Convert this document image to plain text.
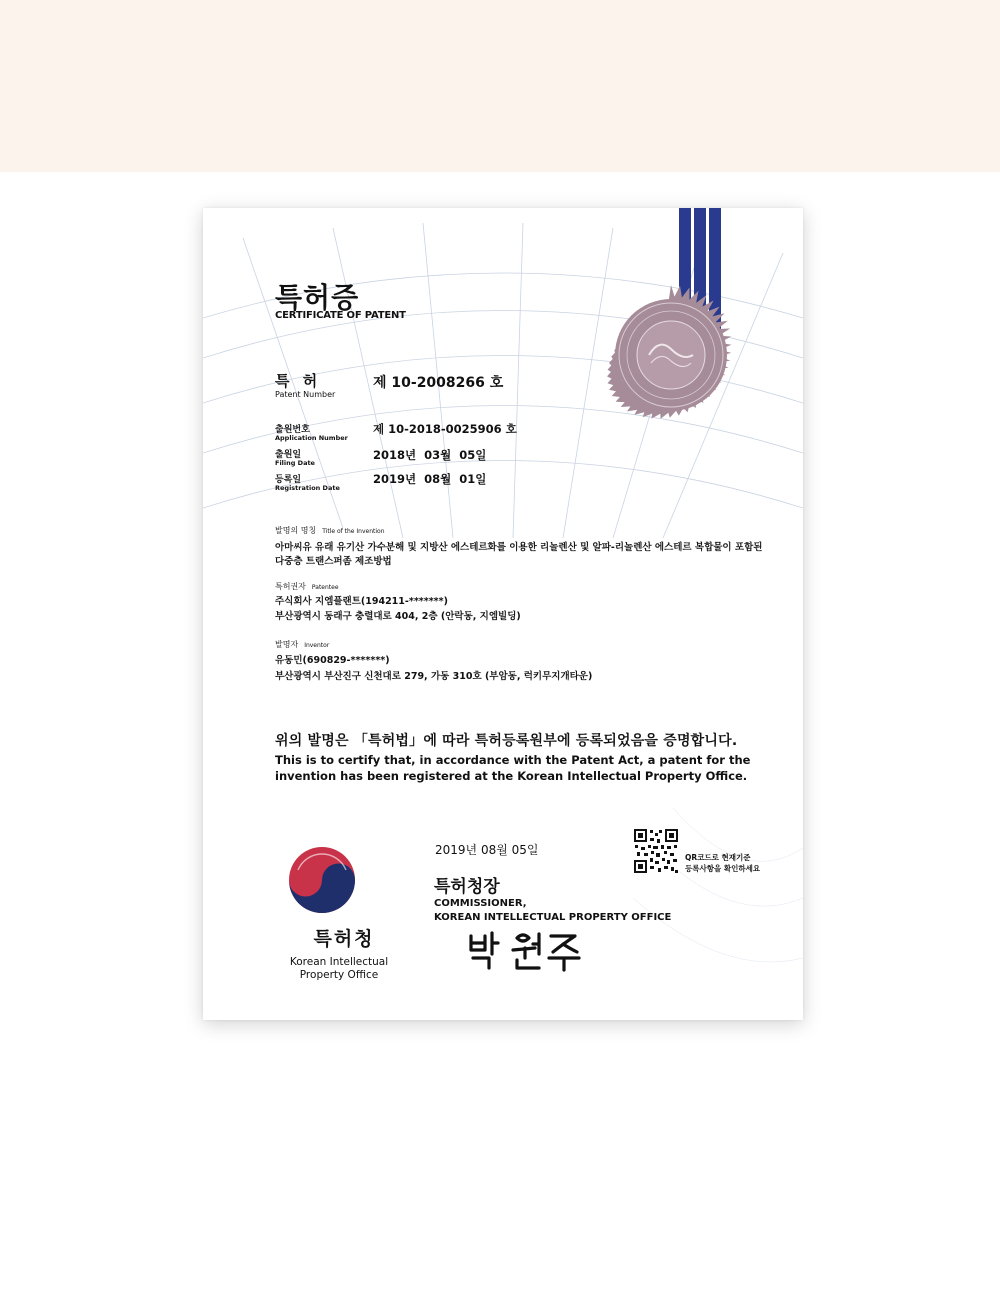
특허증
CERTIFICATE OF PATENT
특 허
Patent Number
제 10-2008266 호
출원번호
Application Number
제 10-2018-0025906 호
출원일
Filing Date
2018년  03월  05일
등록일
Registration Date
2019년  08월  01일
발명의 명칭 Title of the Invention
아마씨유 유래 유기산 가수분해 및 지방산 에스테르화를 이용한 리놀렌산 및 알파-리놀렌산 에스테르 복합물이 포함된 다중층 트랜스퍼좀 제조방법
특허권자 Patentee
주식회사 지엠플랜트(194211-*******)
부산광역시 동래구 충렬대로 404, 2층 (안락동, 지엠빌딩)
발명자 Inventor
유동민(690829-*******)
부산광역시 부산진구 신천대로 279, 가동 310호 (부암동, 럭키무지개타운)
위의 발명은 「특허법」에 따라 특허등록원부에 등록되었음을 증명합니다.
This is to certify that, in accordance with the Patent Act, a patent for the invention has been registered at the Korean Intellectual Property Office.
2019년 08월 05일
특허청장
COMMISSIONER,
KOREAN INTELLECTUAL PROPERTY OFFICE
QR코드로 현재기준
등록사항을 확인하세요
특허청
Korean Intellectual
Property Office
